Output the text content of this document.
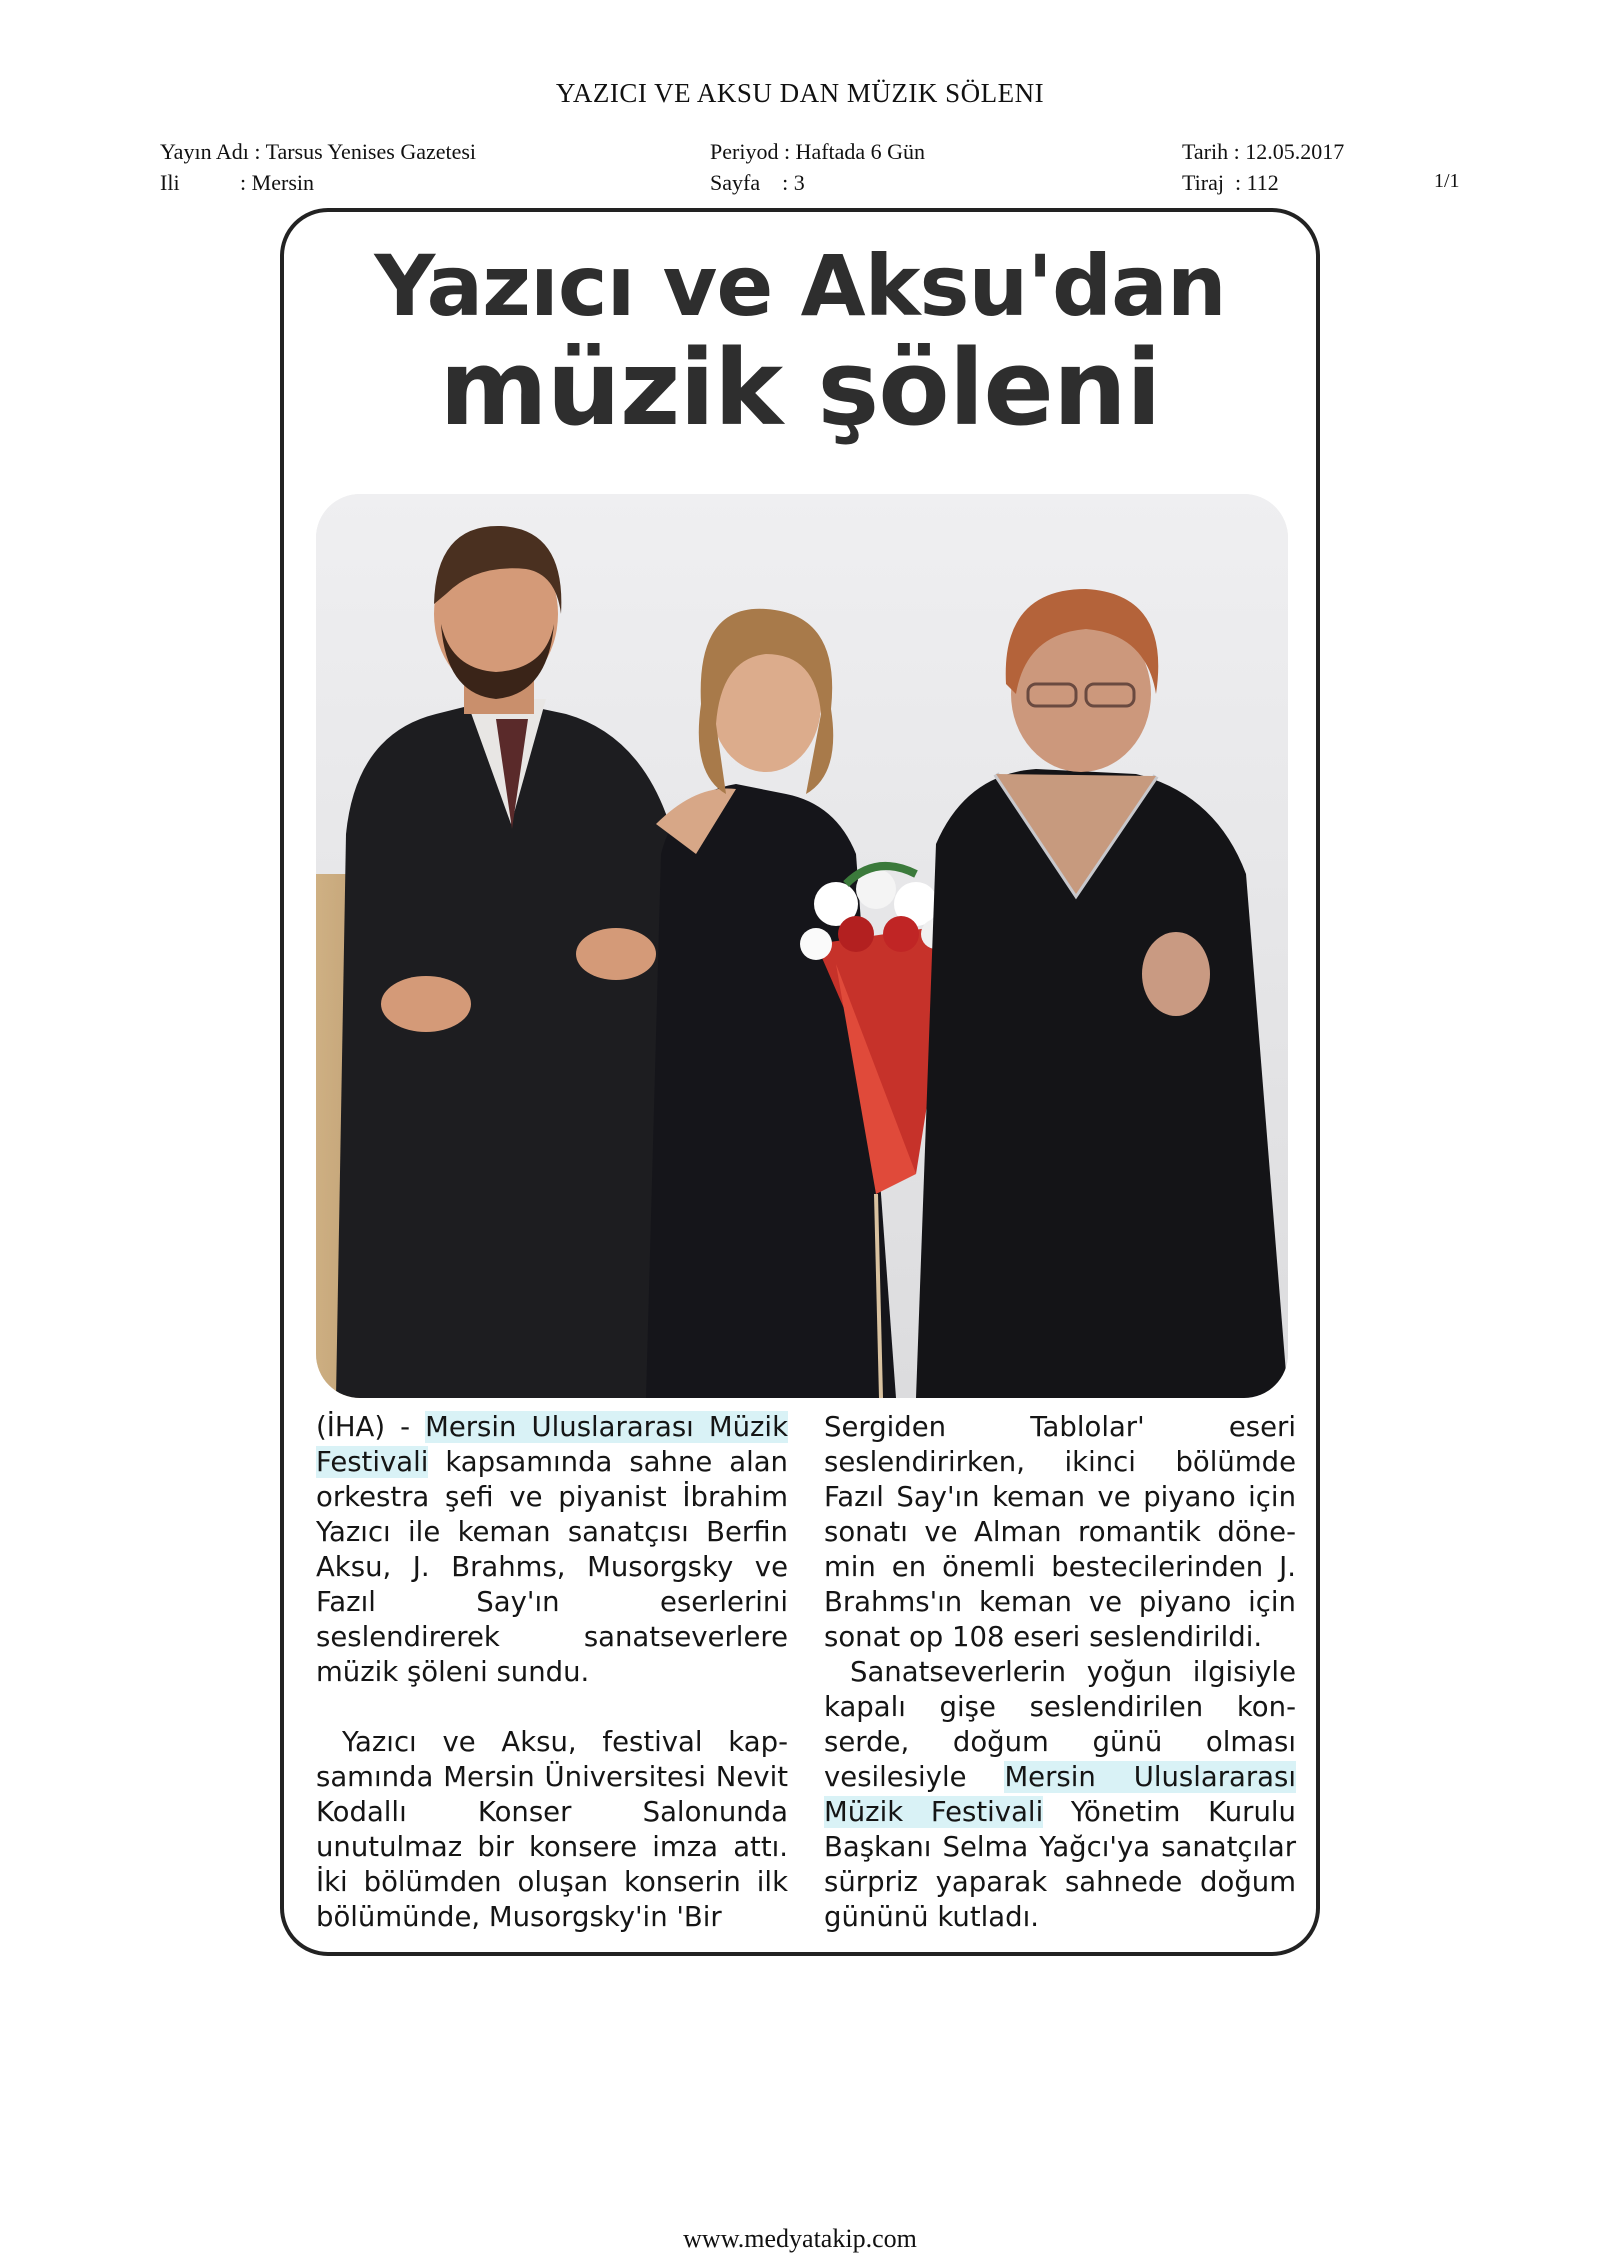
YAZICI VE AKSU DAN MÜZIK SÖLENI
Yayın Adı : Tarsus Yenises Gazetesi
Ili           : Mersin
Periyod : Haftada 6 Gün
Sayfa    : 3
Tarih : 12.05.2017
Tiraj  : 112	1/1
Yazıcı ve Aksu'dan
müzik şöleni

(İHA) - Mersin Uluslararası Müzik Festivali kapsamında sahne alan orkestra şefi ve piyanist İbrahim Yazıcı ile keman sanatçısı Berfin Aksu, J. Brahms, Musorgsky ve Fazıl Say'ın eserlerini seslendirerek sanatseverlere müzik şöleni sundu.

Yazıcı ve Aksu, festival kapsamında Mersin Üniversitesi Nevit Kodallı Konser Salonunda unutulmaz bir konsere imza attı. İki bölümden oluşan konserin ilk bölümünde, Musorgsky'in 'Bir

Sergiden Tablolar' eseri seslendirirken, ikinci bölümde Fazıl Say'ın keman ve piyano için sonatı ve Alman romantik dönemin en önemli bestecilerinden J. Brahms'ın keman ve piyano için sonat op 108 eseri seslendirildi.

Sanatseverlerin yoğun ilgisiyle kapalı gişe seslendirilen konserde, doğum günü olması vesilesiyle Mersin Uluslararası Müzik Festivali Yönetim Kurulu Başkanı Selma Yağcı'ya sanatçılar sürpriz yaparak sahnede doğum gününü kutladı.

www.medyatakip.com
